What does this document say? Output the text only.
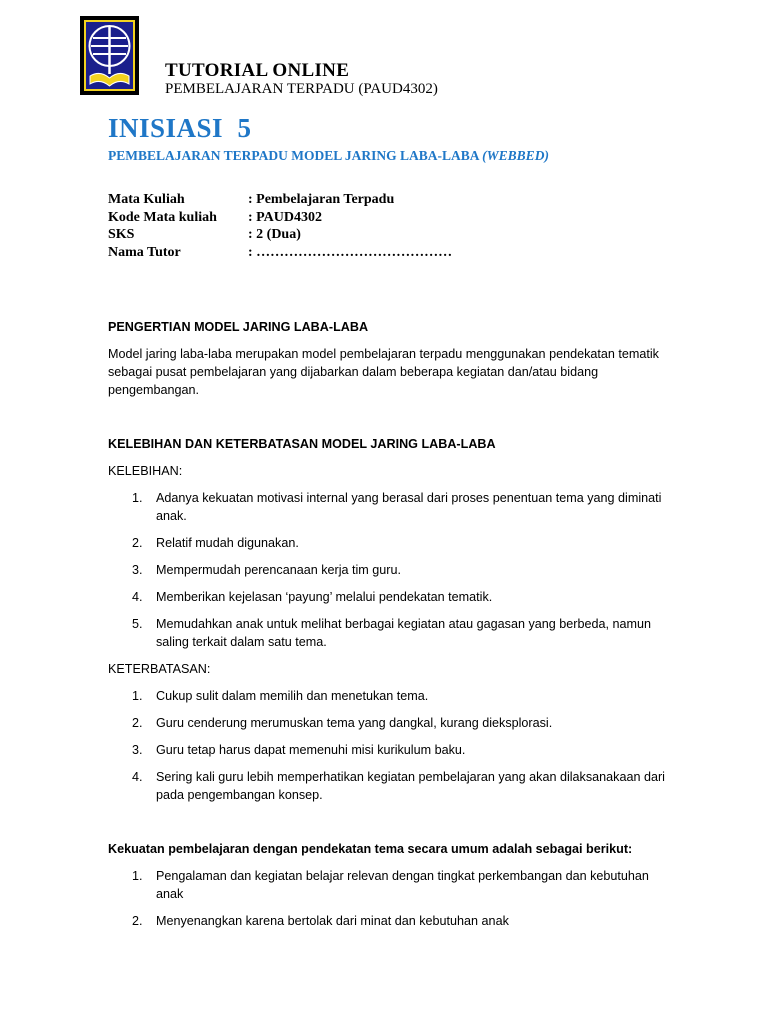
TUTORIAL ONLINE
PEMBELAJARAN TERPADU (PAUD4302)
INISIASI  5
PEMBELAJARAN TERPADU MODEL JARING LABA-LABA (WEBBED)
Mata Kuliah	: Pembelajaran Terpadu
Kode Mata kuliah : PAUD4302
SKS	: 2 (Dua)
Nama Tutor	: ……………………………………

PENGERTIAN MODEL JARING LABA-LABA

Model jaring laba-laba merupakan model pembelajaran terpadu menggunakan pendekatan tematik sebagai pusat pembelajaran yang dijabarkan dalam beberapa kegiatan dan/atau bidang pengembangan.

KELEBIHAN DAN KETERBATASAN MODEL JARING LABA-LABA

KELEBIHAN:

1. Adanya kekuatan motivasi internal yang berasal dari proses penentuan tema yang diminati anak.
2. Relatif mudah digunakan.
3. Mempermudah perencanaan kerja tim guru.
4. Memberikan kejelasan ‘payung’ melalui pendekatan tematik.
5. Memudahkan anak untuk melihat berbagai kegiatan atau gagasan yang berbeda, namun saling terkait dalam satu tema.

KETERBATASAN:

1. Cukup sulit dalam memilih dan menetukan tema.
2. Guru cenderung merumuskan tema yang dangkal, kurang dieksplorasi.
3. Guru tetap harus dapat memenuhi misi kurikulum baku.
4. Sering kali guru lebih memperhatikan kegiatan pembelajaran yang akan dilaksanakaan dari pada pengembangan konsep.

Kekuatan pembelajaran dengan pendekatan tema secara umum adalah sebagai berikut:

1. Pengalaman dan kegiatan belajar relevan dengan tingkat perkembangan dan kebutuhan anak
2. Menyenangkan karena bertolak dari minat dan kebutuhan anak
